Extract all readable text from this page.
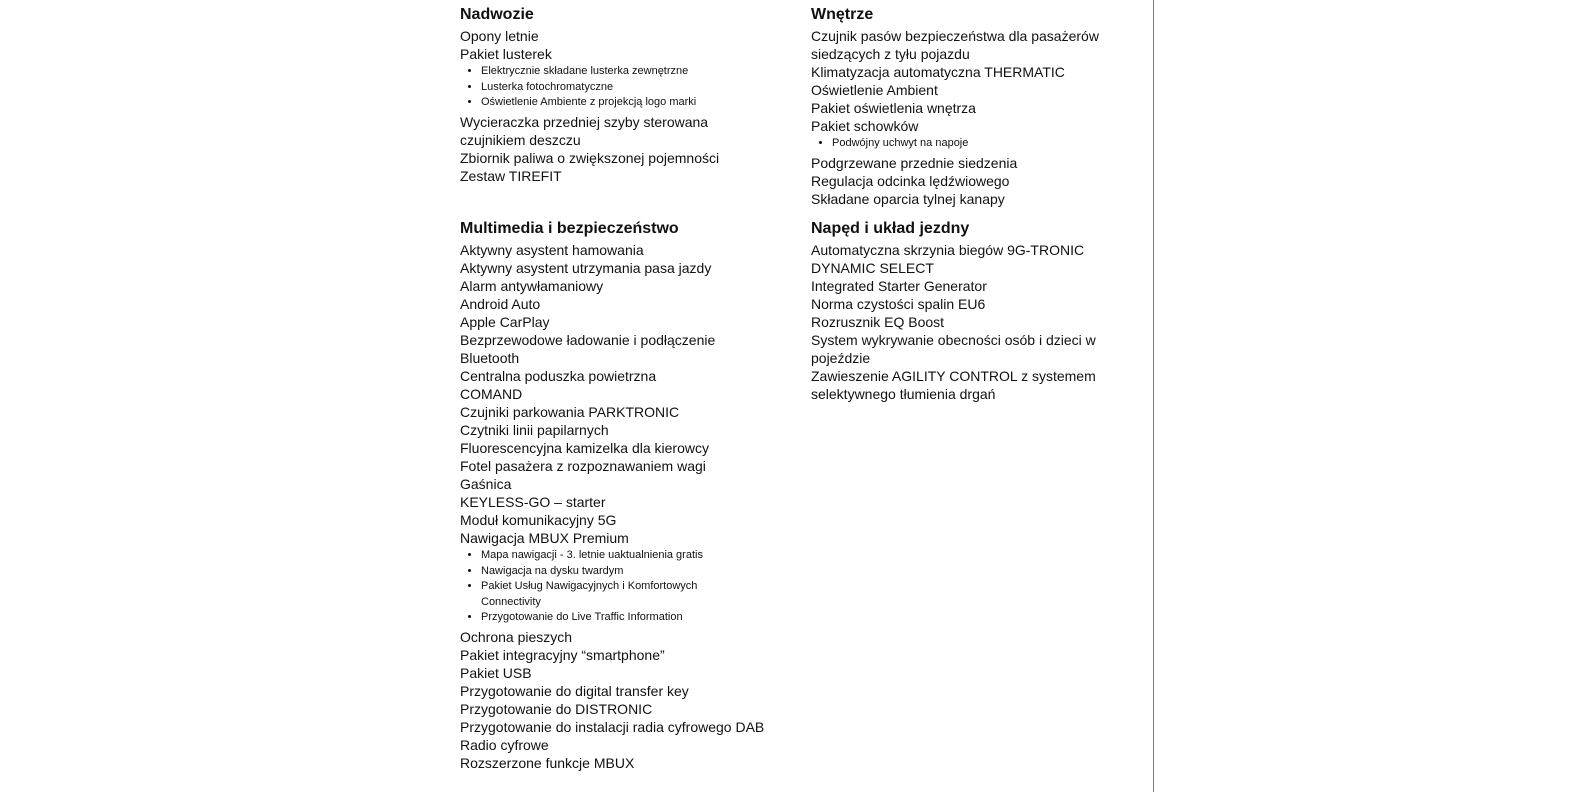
Nadwozie
Opony letnie
Pakiet lusterek
• Elektrycznie składane lusterka zewnętrzne
• Lusterka fotochromatyczne
• Oświetlenie Ambiente z projekcją logo marki
Wycieraczka przedniej szyby sterowana czujnikiem deszczu
Zbiornik paliwa o zwiększonej pojemności
Zestaw TIREFIT
Wnętrze
Czujnik pasów bezpieczeństwa dla pasażerów siedzących z tyłu pojazdu
Klimatyzacja automatyczna THERMATIC
Oświetlenie Ambient
Pakiet oświetlenia wnętrza
Pakiet schowków
• Podwójny uchwyt na napoje
Podgrzewane przednie siedzenia
Regulacja odcinka lędźwiowego
Składane oparcia tylnej kanapy
Multimedia i bezpieczeństwo
Aktywny asystent hamowania
Aktywny asystent utrzymania pasa jazdy
Alarm antywłamaniowy
Android Auto
Apple CarPlay
Bezprzewodowe ładowanie i podłączenie Bluetooth
Centralna poduszka powietrzna
COMAND
Czujniki parkowania PARKTRONIC
Czytniki linii papilarnych
Fluorescencyjna kamizelka dla kierowcy
Fotel pasażera z rozpoznawaniem wagi
Gaśnica
KEYLESS-GO – starter
Moduł komunikacyjny 5G
Nawigacja MBUX Premium
• Mapa nawigacji - 3. letnie uaktualnienia gratis
• Nawigacja na dysku twardym
• Pakiet Usług Nawigacyjnych i Komfortowych Connectivity
• Przygotowanie do Live Traffic Information
Ochrona pieszych
Pakiet integracyjny “smartphone”
Pakiet USB
Przygotowanie do digital transfer key
Przygotowanie do DISTRONIC
Przygotowanie do instalacji radia cyfrowego DAB
Radio cyfrowe
Rozszerzone funkcje MBUX
Napęd i układ jezdny
Automatyczna skrzynia biegów 9G-TRONIC
DYNAMIC SELECT
Integrated Starter Generator
Norma czystości spalin EU6
Rozrusznik EQ Boost
System wykrywanie obecności osób i dzieci w pojeździe
Zawieszenie AGILITY CONTROL z systemem selektywnego tłumienia drgań
